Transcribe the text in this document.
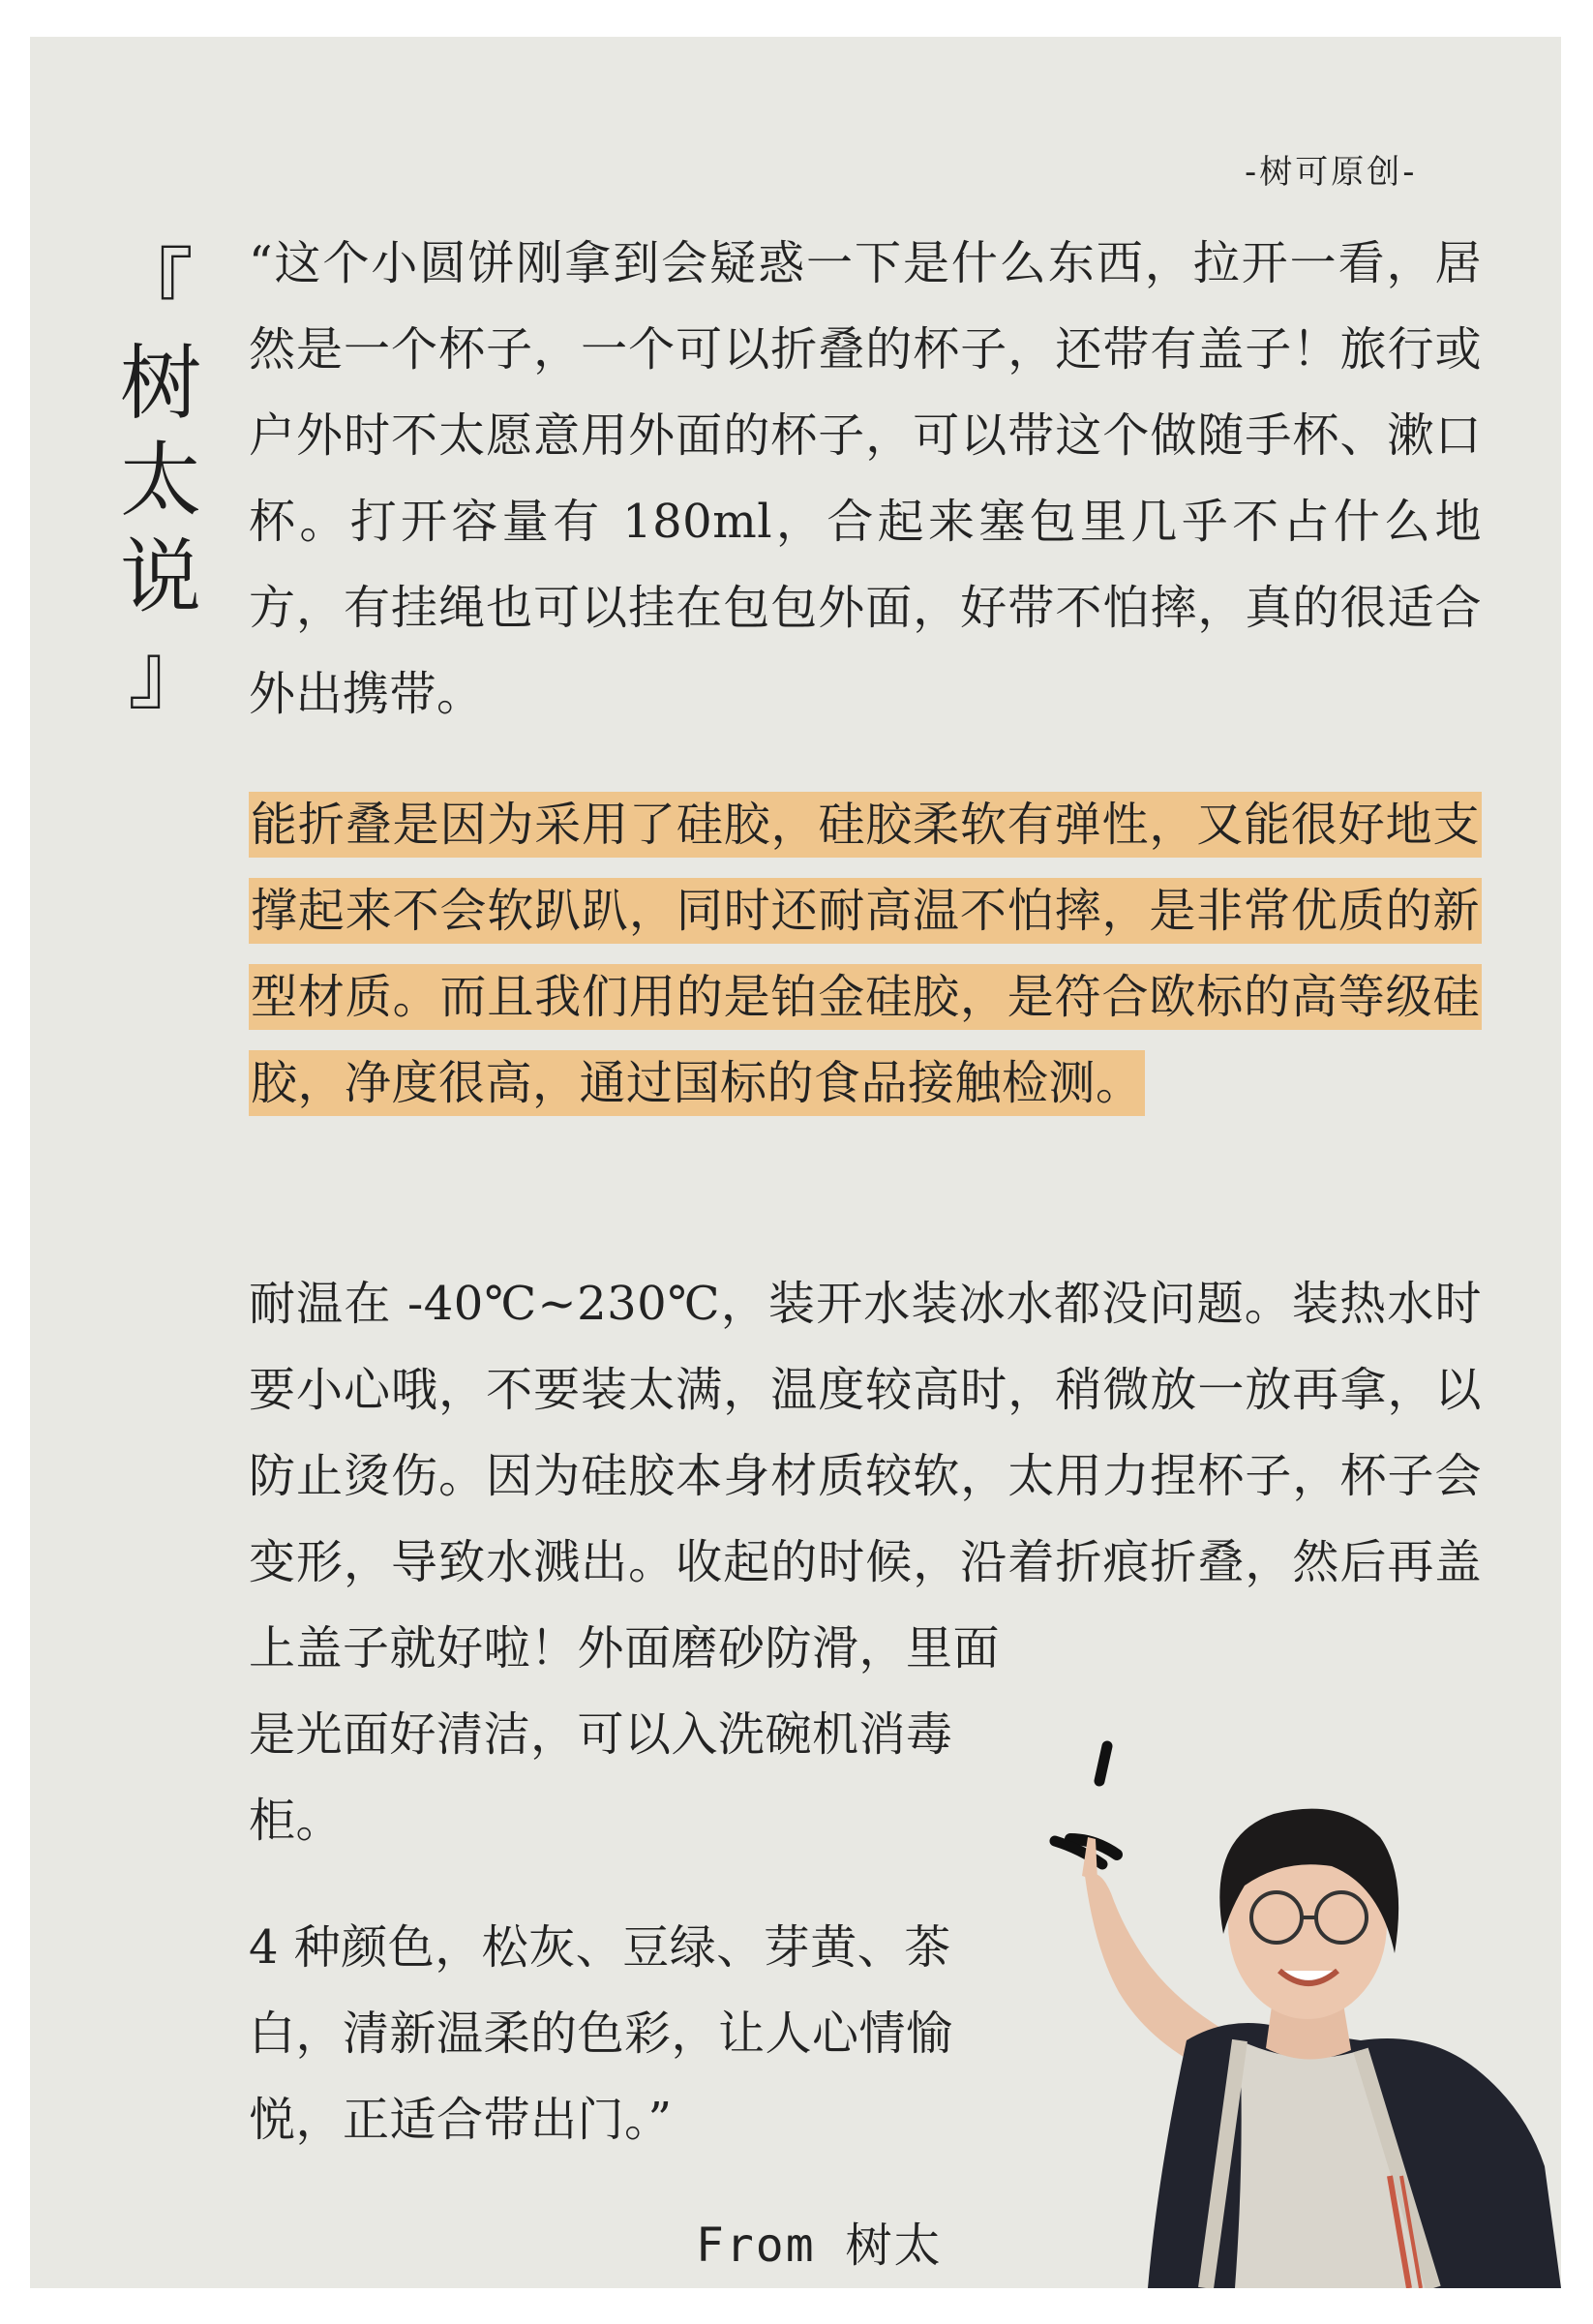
-树可原创-
『
树
太
说
』

“这个小圆饼刚拿到会疑惑一下是什么东西，拉开一看，居然是一个杯子，一个可以折叠的杯子，还带有盖子！旅行或户外时不太愿意用外面的杯子，可以带这个做随手杯、漱口杯。打开容量有 180ml，合起来塞包里几乎不占什么地方，有挂绳也可以挂在包包外面，好带不怕摔，真的很适合外出携带。

能折叠是因为采用了硅胶，硅胶柔软有弹性，又能很好地支撑起来不会软趴趴，同时还耐高温不怕摔，是非常优质的新型材质。而且我们用的是铂金硅胶，是符合欧标的高等级硅胶，净度很高，通过国标的食品接触检测。

耐温在 -40℃~230℃，装开水装冰水都没问题。装热水时要小心哦，不要装太满，温度较高时，稍微放一放再拿，以防止烫伤。因为硅胶本身材质较软，太用力捏杯子，杯子会变形，导致水溅出。收起的时候，沿着折痕折叠，然后再盖上盖子就好啦！外面磨砂防滑，里面
是光面好清洁，可以入洗碗机消毒柜。

4 种颜色，松灰、豆绿、芽黄、茶白，清新温柔的色彩，让人心情愉悦，正适合带出门。”

From 树太
